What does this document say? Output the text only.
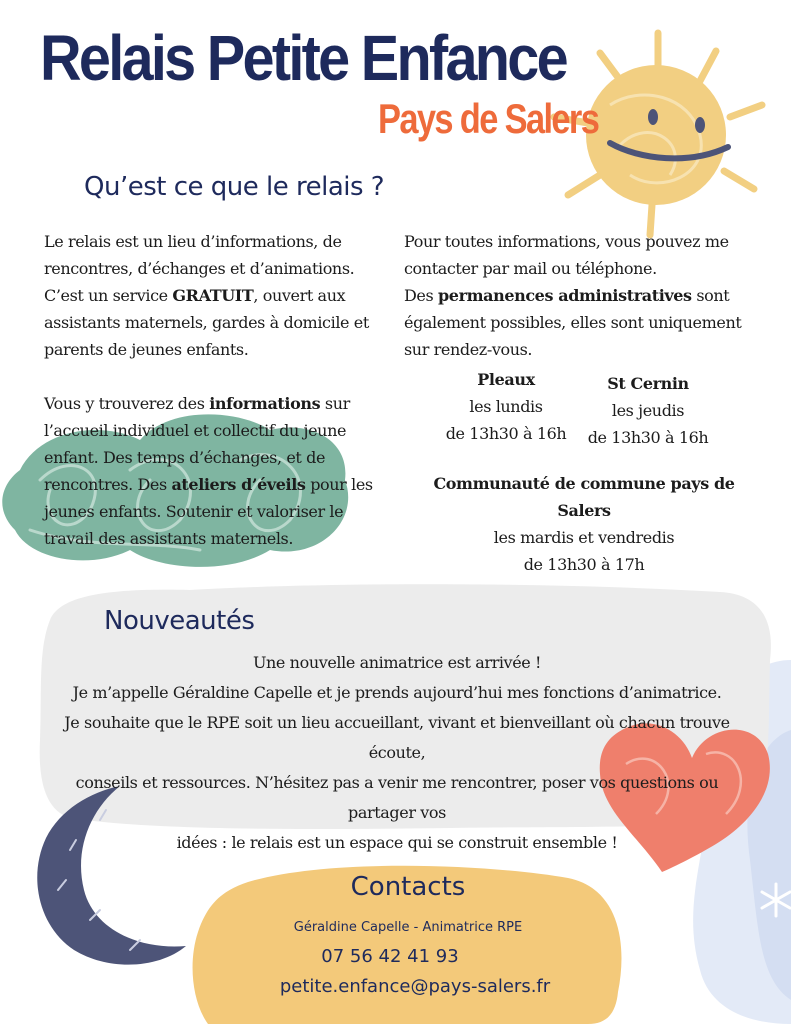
Relais Petite Enfance
Pays de Salers
Qu’est ce que le relais ?

Le relais est un lieu d’informations, de rencontres, d’échanges et d’animations. C’est un service GRATUIT, ouvert aux assistants maternels, gardes à domicile et parents de jeunes enfants.

Vous y trouverez des informations sur l’accueil individuel et collectif du jeune enfant. Des temps d’échanges, et de rencontres. Des ateliers d’éveils pour les jeunes enfants. Soutenir et valoriser le travail des assistants maternels.

Pour toutes informations, vous pouvez me contacter par mail ou téléphone.
Des permanences administratives sont également possibles, elles sont uniquement sur rendez-vous.

Pleaux
les lundis
de 13h30 à 16h
St Cernin
les jeudis
de 13h30 à 16h
Communauté de commune pays de Salers
les mardis et vendredis
de 13h30 à 17h
Nouveautés
Une nouvelle animatrice est arrivée !
Je m’appelle Géraldine Capelle et je prends aujourd’hui mes fonctions d’animatrice.
Je souhaite que le RPE soit un lieu accueillant, vivant et bienveillant où chacun trouve écoute,
conseils et ressources. N’hésitez pas a venir me rencontrer, poser vos questions ou partager vos
idées : le relais est un espace qui se construit ensemble !
Contacts
Géraldine Capelle - Animatrice RPE
07 56 42 41 93
petite.enfance@pays-salers.fr
